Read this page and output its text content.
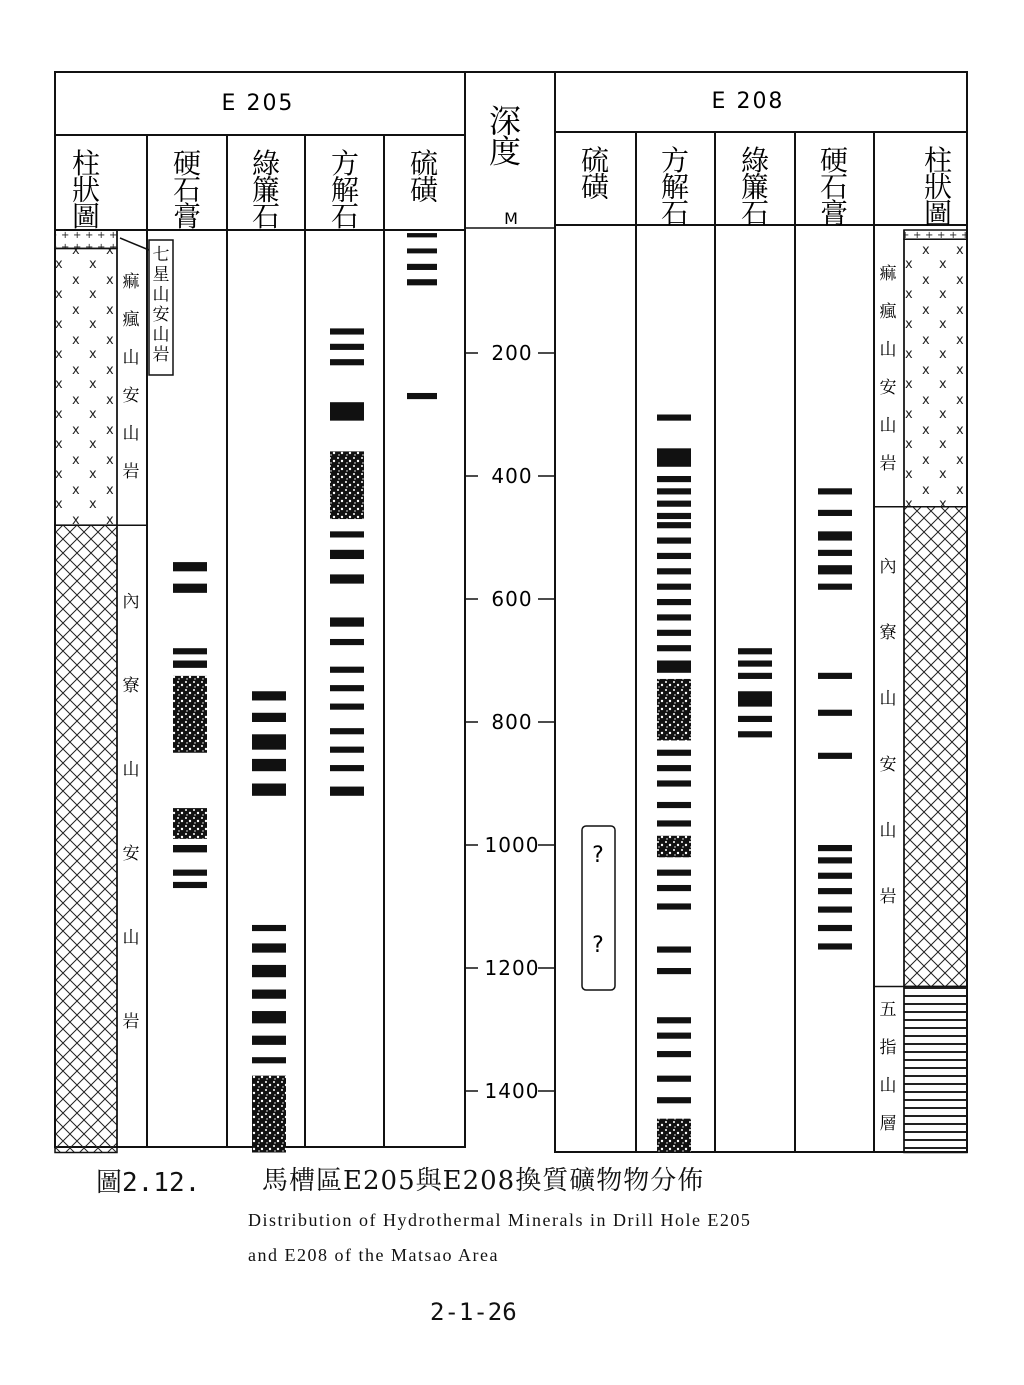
200
400
600
800
1000
1200
1400
E 205	E 208
柱狀圖
硬石膏
綠簾石
方解石
硫磺
硫磺
方解石
綠簾石
硬石膏
柱狀圖
深度
M
七星山安山岩
痲瘋山安山岩
內寮山安山岩
痲瘋山安山岩
內寮山安山岩
五指山層
?
?
圖2.12. 馬槽區E205與E208換質礦物物分佈
Distribution of Hydrothermal Minerals in Drill Hole E205
and E208 of the Matsao Area
2-1-26
